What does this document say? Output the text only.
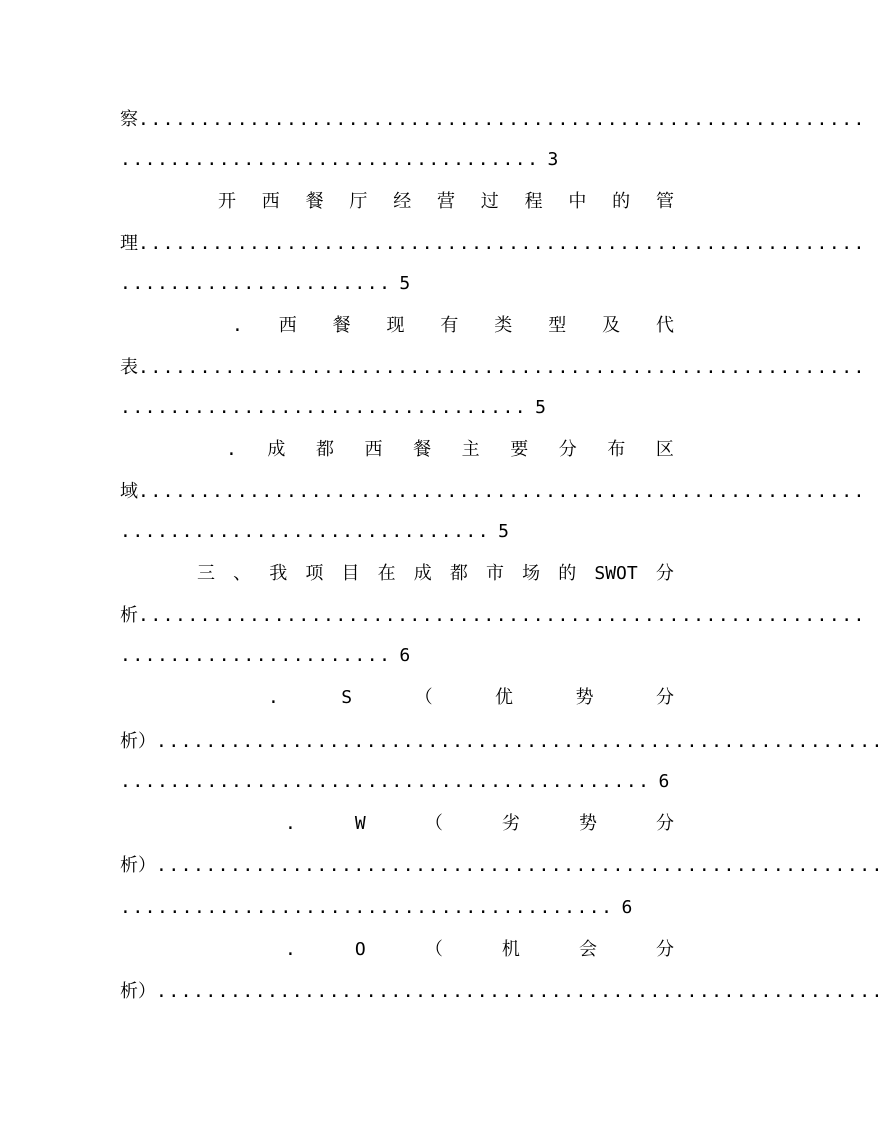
察 ...........................................................
.................................. 3
开 西 餐 厅 经 营 过 程 中 的 管
理 ...........................................................
...................... 5
. 西 餐 现 有 类 型 及 代
表 ...........................................................
................................. 5
. 成 都 西 餐 主 要 分 布 区
域 ...........................................................
.............................. 5
三 、 我 项 目 在 成 都 市 场 的 SWOT 分
析 ...........................................................
...................... 6
.	S	（	优	势	分
析） ...........................................................
........................................... 6
.	W	（	劣	势	分
析） ...........................................................
........................................ 6
.	O	（	机	会	分
析） ...........................................................
